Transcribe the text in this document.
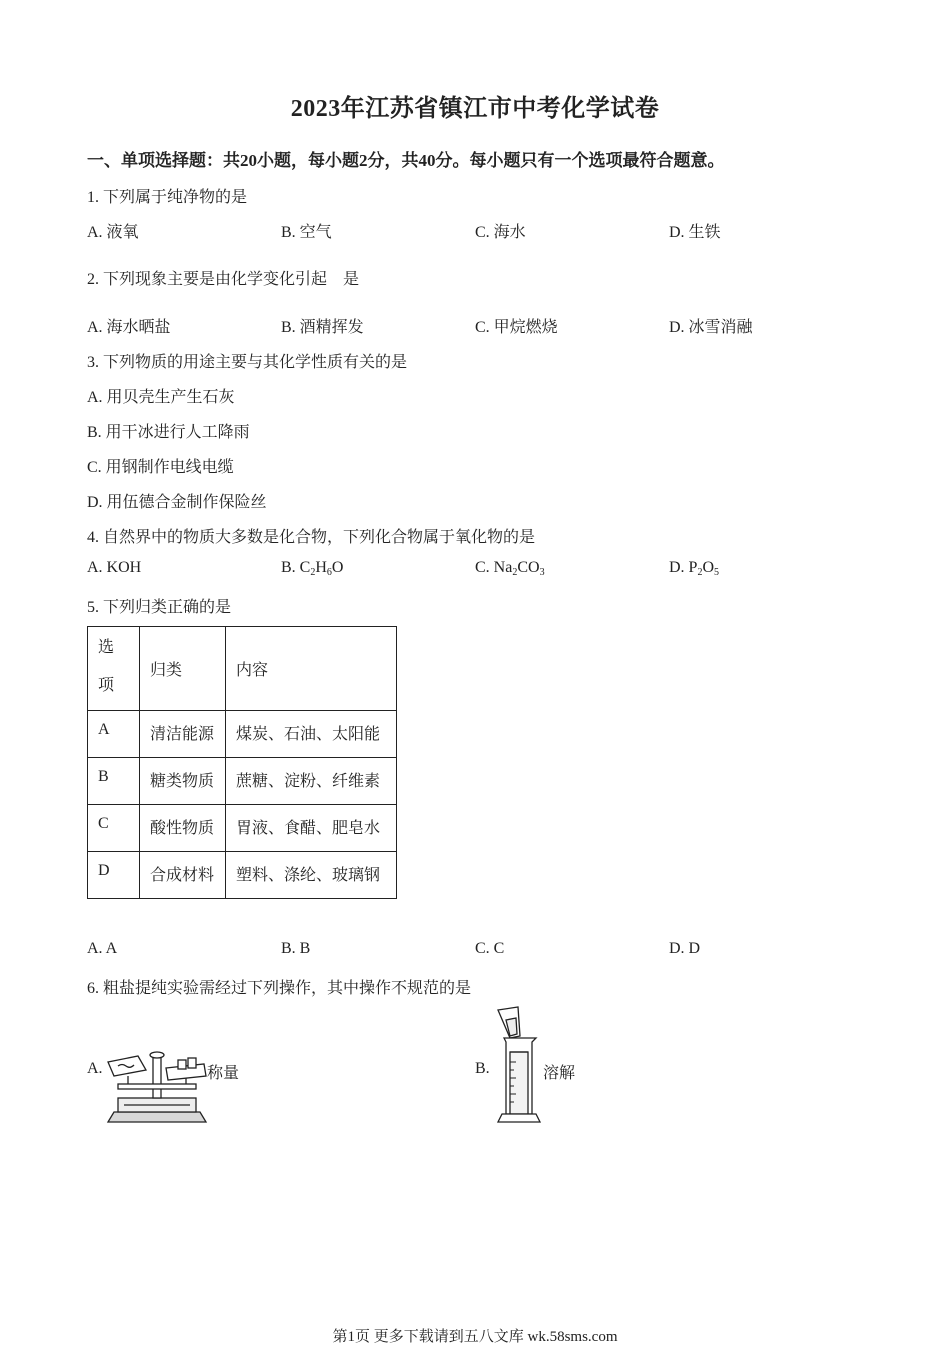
2023年江苏省镇江市中考化学试卷
一、单项选择题：共20小题，每小题2分，共40分。每小题只有一个选项最符合题意。
1. 下列属于纯净物的是
A. 液氧	B. 空气	C. 海水	D. 生铁
2. 下列现象主要是由化学变化引起    是
A. 海水晒盐	B. 酒精挥发	C. 甲烷燃烧	D. 冰雪消融
3. 下列物质的用途主要与其化学性质有关的是
A. 用贝壳生产生石灰
B. 用干冰进行人工降雨
C. 用钢制作电线电缆
D. 用伍德合金制作保险丝
4. 自然界中的物质大多数是化合物，下列化合物属于氧化物的是
A. KOH	B. $C_2H_6O$	C. $Na_2CO_3$	D. $P_2O_5$
5. 下列归类正确的是
选
项	归类	内容
A	清洁能源	煤炭、石油、太阳能
B	糖类物质	蔗糖、淀粉、纤维素
C	酸性物质	胃液、食醋、肥皂水
D	合成材料	塑料、涤纶、玻璃钢
A. A	B. B	C. C	D. D
6. 粗盐提纯实验需经过下列操作，其中操作不规范的是
A.	称量	B.	溶解
第1页 更多下载请到五八文库 wk.58sms.com
